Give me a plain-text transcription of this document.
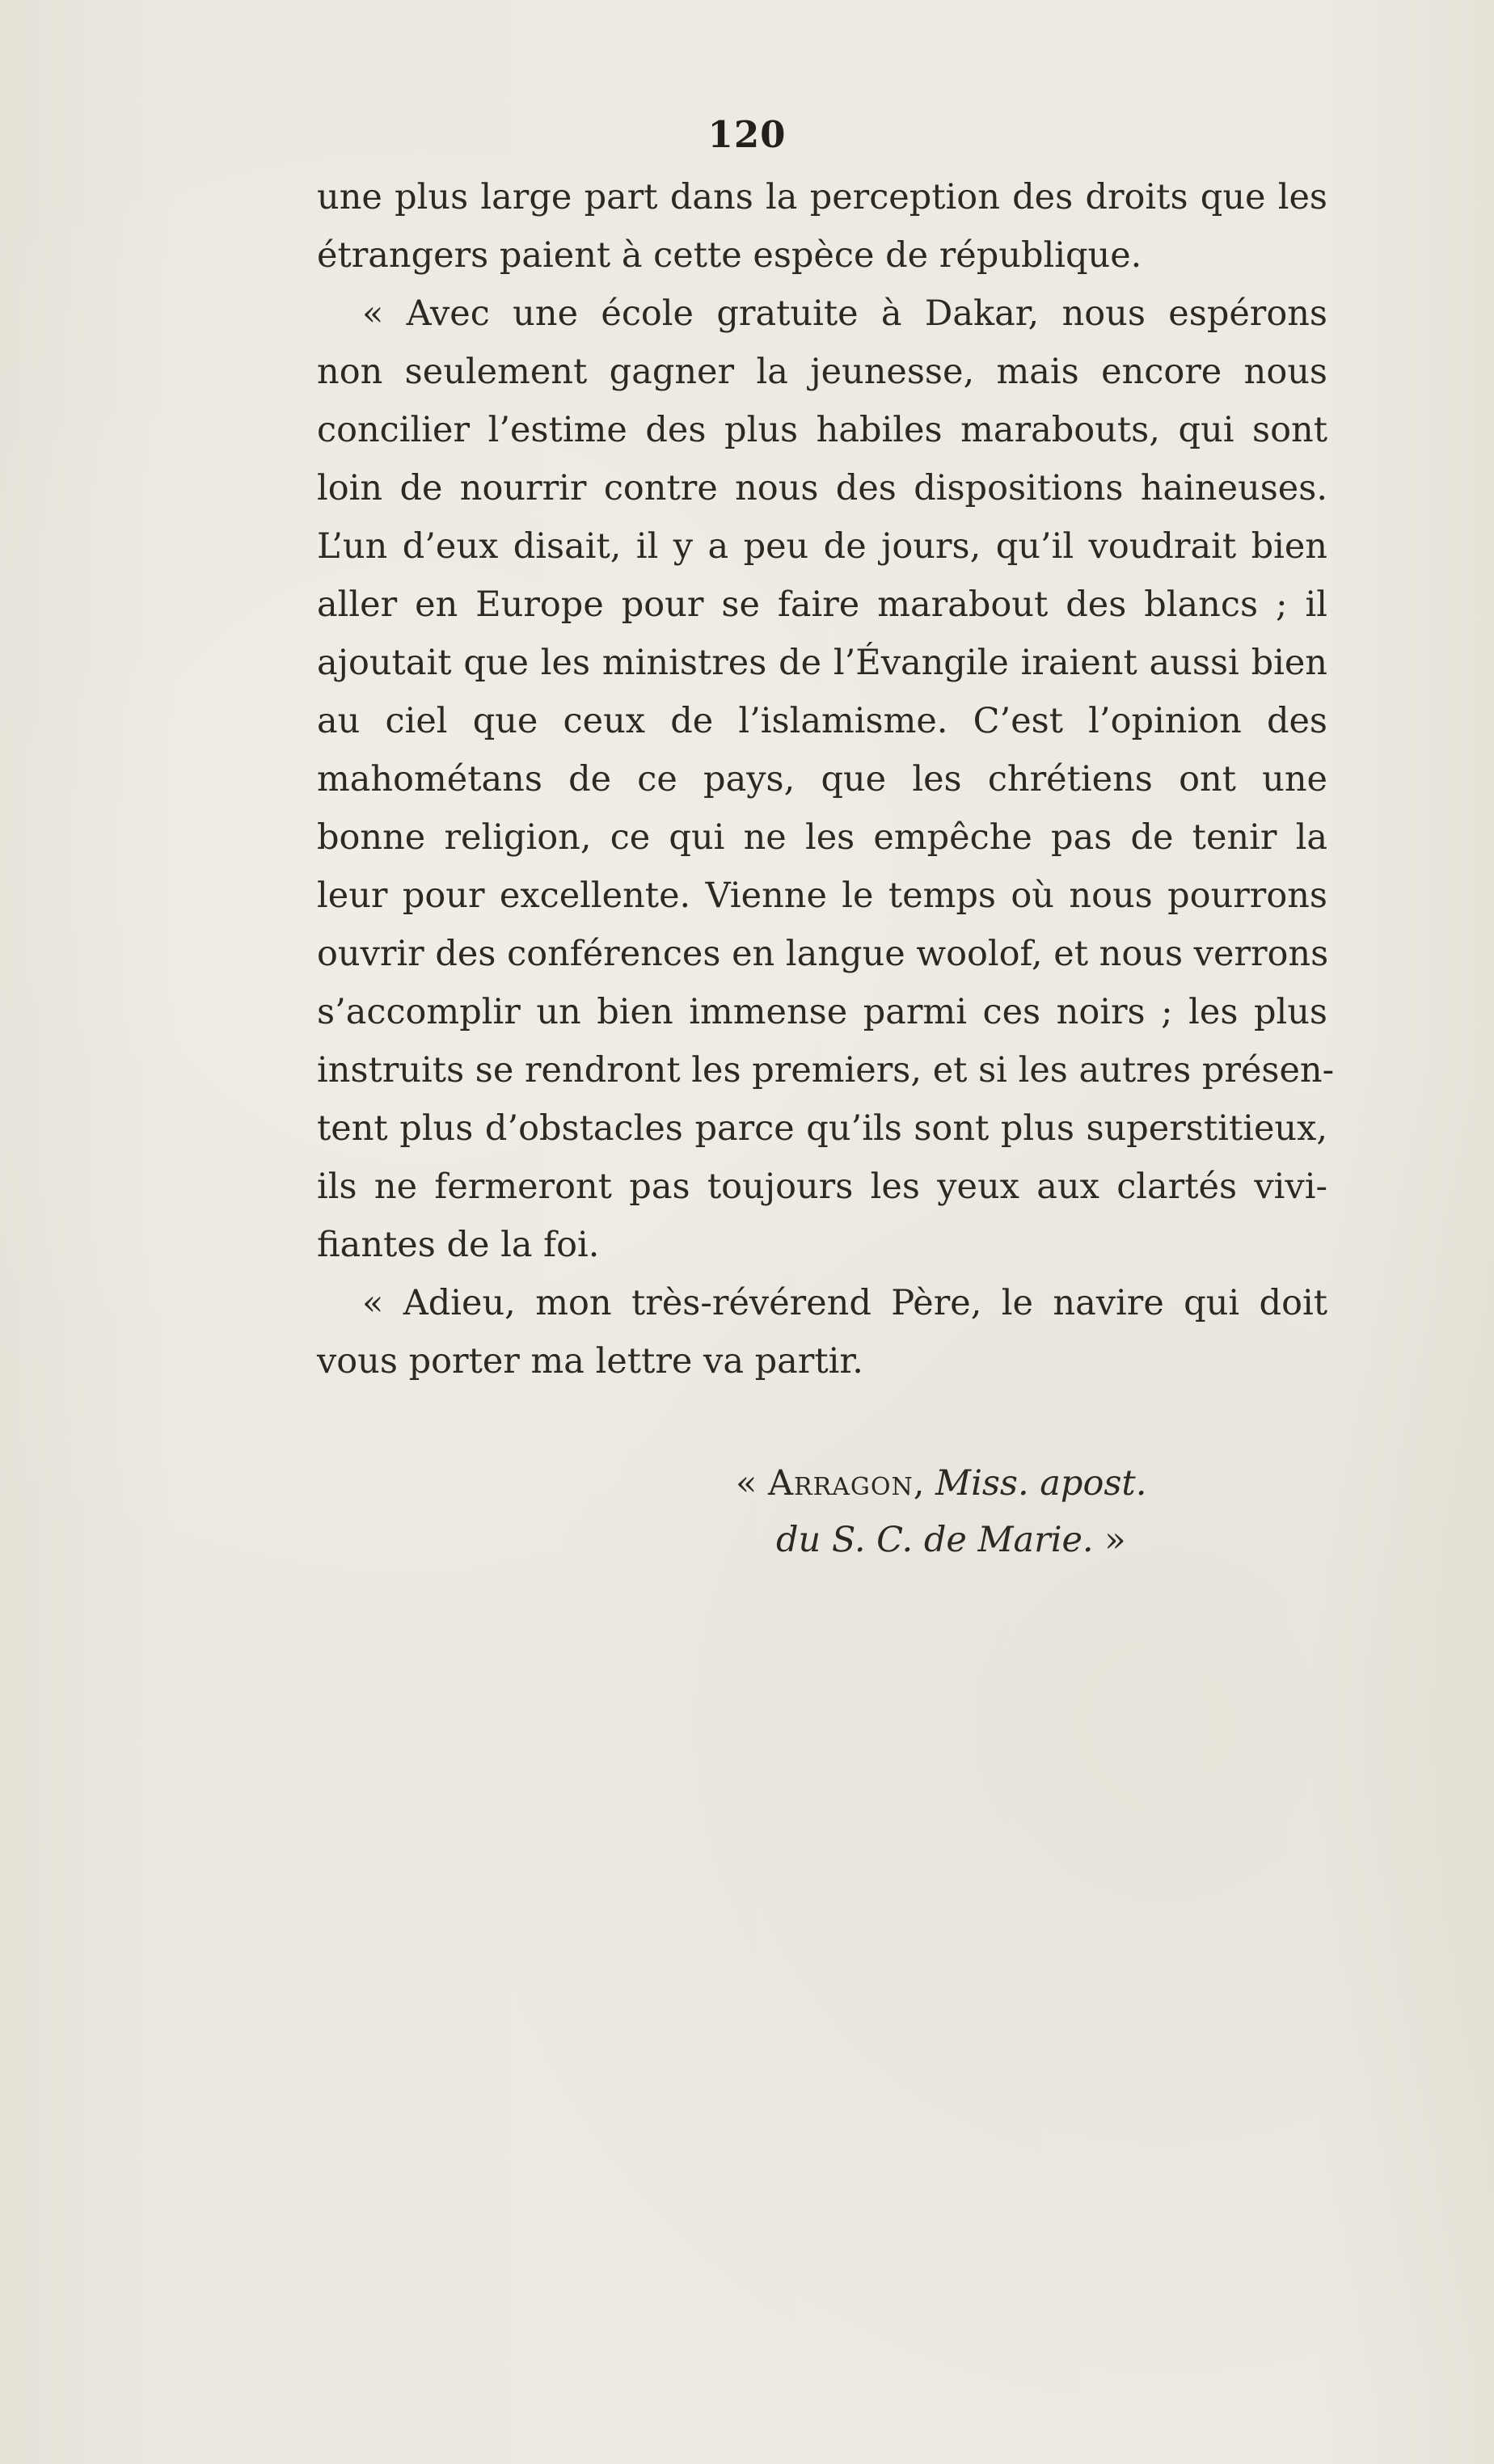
120
une plus large part dans la perception des droits que les
étrangers paient à cette espèce de république.
« Avec une école gratuite à Dakar, nous espérons
non seulement gagner la jeunesse, mais encore nous
concilier l’estime des plus habiles marabouts, qui sont
loin de nourrir contre nous des dispositions haineuses.
L’un d’eux disait, il y a peu de jours, qu’il voudrait bien
aller en Europe pour se faire marabout des blancs ; il
ajoutait que les ministres de l’Évangile iraient aussi bien
au ciel que ceux de l’islamisme. C’est l’opinion des
mahométans de ce pays, que les chrétiens ont une
bonne religion, ce qui ne les empêche pas de tenir la
leur pour excellente. Vienne le temps où nous pourrons
ouvrir des conférences en langue woolof, et nous verrons
s’accomplir un bien immense parmi ces noirs ; les plus
instruits se rendront les premiers, et si les autres présen-
tent plus d’obstacles parce qu’ils sont plus superstitieux,
ils ne fermeront pas toujours les yeux aux clartés vivi-
fiantes de la foi.
« Adieu, mon très-révérend Père, le navire qui doit
vous porter ma lettre va partir.
« Arragon, Miss. apost.
du S. C. de Marie. »
